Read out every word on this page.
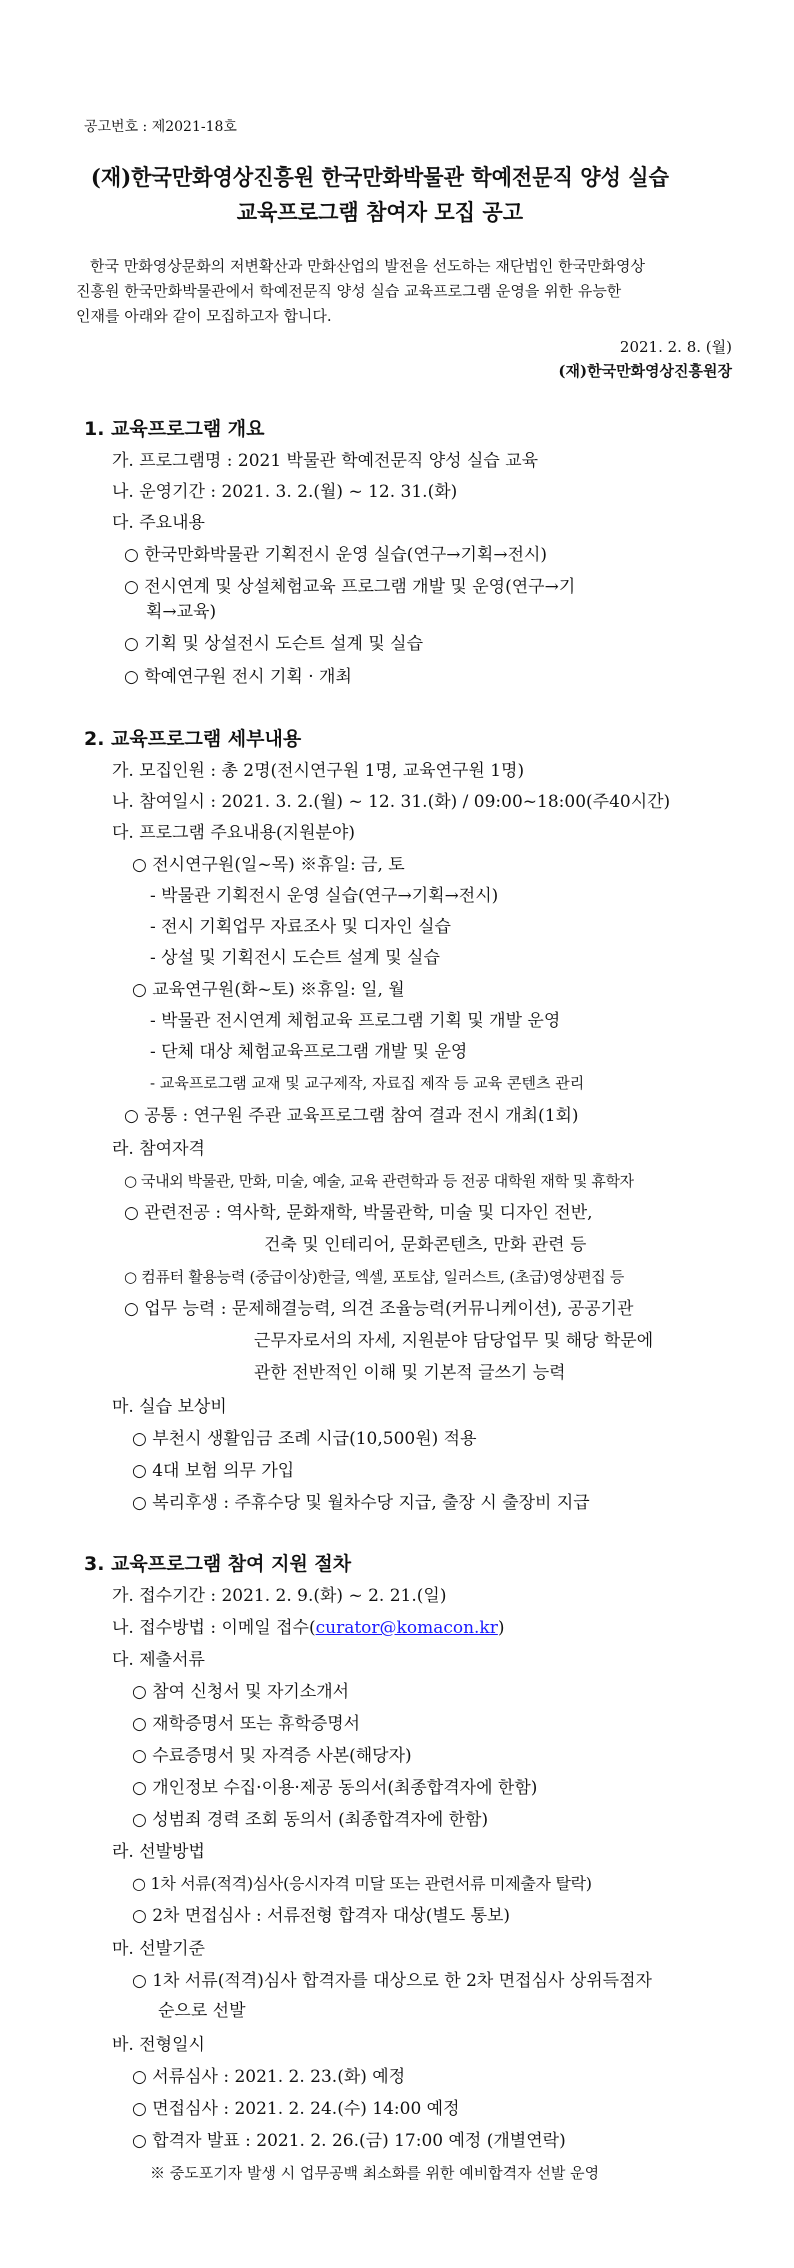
공고번호 : 제2021-18호
(재)한국만화영상진흥원 한국만화박물관 학예전문직 양성 실습
교육프로그램 참여자 모집 공고
한국 만화영상문화의 저변확산과 만화산업의 발전을 선도하는 재단법인 한국만화영상
진흥원 한국만화박물관에서 학예전문직 양성 실습 교육프로그램 운영을 위한 유능한
인재를 아래와 같이 모집하고자 합니다.
2021. 2. 8. (월)
(재)한국만화영상진흥원장
1. 교육프로그램 개요
가. 프로그램명 : 2021 박물관 학예전문직 양성 실습 교육
나. 운영기간 : 2021. 3. 2.(월) ~ 12. 31.(화)
다. 주요내용
○ 한국만화박물관 기획전시 운영 실습(연구→기획→전시)
○ 전시연계 및 상설체험교육 프로그램 개발 및 운영(연구→기
획→교육)
○ 기획 및 상설전시 도슨트 설계 및 실습
○ 학예연구원 전시 기획 · 개최
2. 교육프로그램 세부내용
가. 모집인원 : 총 2명(전시연구원 1명, 교육연구원 1명)
나. 참여일시 : 2021. 3. 2.(월) ~ 12. 31.(화) / 09:00~18:00(주40시간)
다. 프로그램 주요내용(지원분야)
○ 전시연구원(일~목) ※휴일: 금, 토
- 박물관 기획전시 운영 실습(연구→기획→전시)
- 전시 기획업무 자료조사 및 디자인 실습
- 상설 및 기획전시 도슨트 설계 및 실습
○ 교육연구원(화~토) ※휴일: 일, 월
- 박물관 전시연계 체험교육 프로그램 기획 및 개발 운영
- 단체 대상 체험교육프로그램 개발 및 운영
- 교육프로그램 교재 및 교구제작, 자료집 제작 등 교육 콘텐츠 관리
○ 공통 : 연구원 주관 교육프로그램 참여 결과 전시 개최(1회)
라. 참여자격
○ 국내외 박물관, 만화, 미술, 예술, 교육 관련학과 등 전공 대학원 재학 및 휴학자
○ 관련전공 : 역사학, 문화재학, 박물관학, 미술 및 디자인 전반,
건축 및 인테리어, 문화콘텐츠, 만화 관련 등
○ 컴퓨터 활용능력 (중급이상)한글, 엑셀, 포토샵, 일러스트, (초급)영상편집 등
○ 업무 능력 : 문제해결능력, 의견 조율능력(커뮤니케이션), 공공기관
근무자로서의 자세, 지원분야 담당업무 및 해당 학문에
관한 전반적인 이해 및 기본적 글쓰기 능력
마. 실습 보상비
○ 부천시 생활임금 조례 시급(10,500원) 적용
○ 4대 보험 의무 가입
○ 복리후생 : 주휴수당 및 월차수당 지급, 출장 시 출장비 지급
3. 교육프로그램 참여 지원 절차
가. 접수기간 : 2021. 2. 9.(화) ~ 2. 21.(일)
나. 접수방법 : 이메일 접수(curator@komacon.kr)
다. 제출서류
○ 참여 신청서 및 자기소개서
○ 재학증명서 또는 휴학증명서
○ 수료증명서 및 자격증 사본(해당자)
○ 개인정보 수집·이용·제공 동의서(최종합격자에 한함)
○ 성범죄 경력 조회 동의서 (최종합격자에 한함)
라. 선발방법
○ 1차 서류(적격)심사(응시자격 미달 또는 관련서류 미제출자 탈락)
○ 2차 면접심사 : 서류전형 합격자 대상(별도 통보)
마. 선발기준
○ 1차 서류(적격)심사 합격자를 대상으로 한 2차 면접심사 상위득점자
순으로 선발
바. 전형일시
○ 서류심사 : 2021. 2. 23.(화) 예정
○ 면접심사 : 2021. 2. 24.(수) 14:00 예정
○ 합격자 발표 : 2021. 2. 26.(금) 17:00 예정 (개별연락)
※ 중도포기자 발생 시 업무공백 최소화를 위한 예비합격자 선발 운영
